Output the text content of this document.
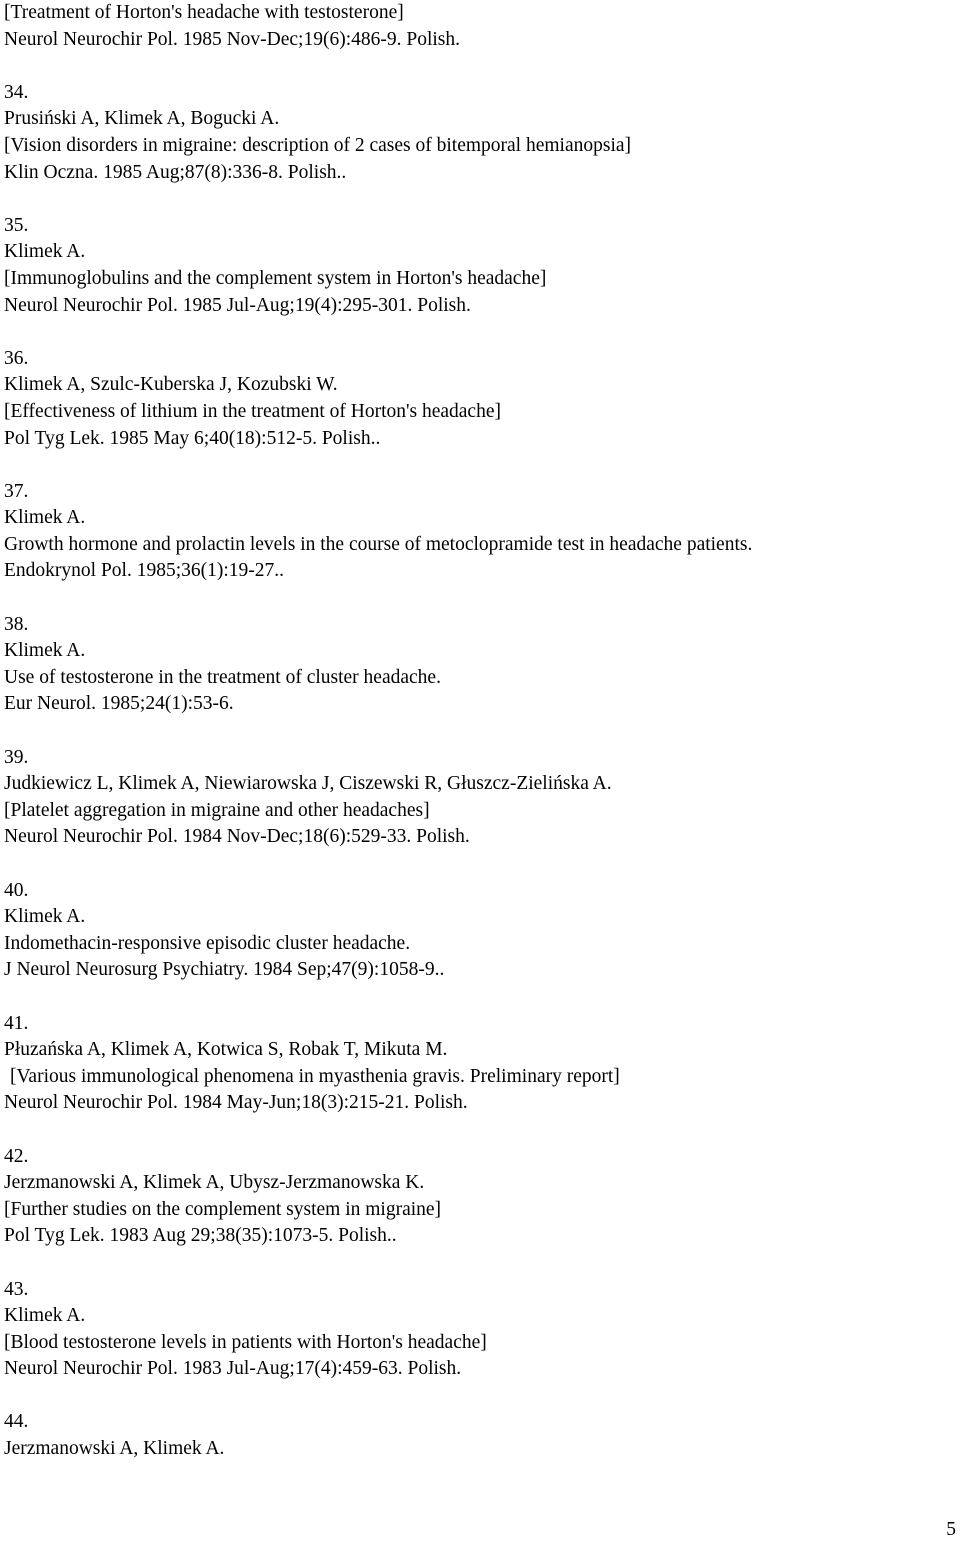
[Treatment of Horton's headache with testosterone]
Neurol Neurochir Pol. 1985 Nov-Dec;19(6):486-9. Polish.
34.
Prusiński A, Klimek A, Bogucki A.
[Vision disorders in migraine: description of 2 cases of bitemporal hemianopsia]
Klin Oczna. 1985 Aug;87(8):336-8. Polish..
35.
Klimek A.
[Immunoglobulins and the complement system in Horton's headache]
Neurol Neurochir Pol. 1985 Jul-Aug;19(4):295-301. Polish.
36.
Klimek A, Szulc-Kuberska J, Kozubski W.
[Effectiveness of lithium in the treatment of Horton's headache]
Pol Tyg Lek. 1985 May 6;40(18):512-5. Polish..
37.
Klimek A.
Growth hormone and prolactin levels in the course of metoclopramide test in headache patients.
Endokrynol Pol. 1985;36(1):19-27..
38.
Klimek A.
Use of testosterone in the treatment of cluster headache.
Eur Neurol. 1985;24(1):53-6.
39.
Judkiewicz L, Klimek A, Niewiarowska J, Ciszewski R, Głuszcz-Zielińska A.
[Platelet aggregation in migraine and other headaches]
Neurol Neurochir Pol. 1984 Nov-Dec;18(6):529-33. Polish.
40.
Klimek A.
Indomethacin-responsive episodic cluster headache.
J Neurol Neurosurg Psychiatry. 1984 Sep;47(9):1058-9..
41.
Płuzańska A, Klimek A, Kotwica S, Robak T, Mikuta M.
[Various immunological phenomena in myasthenia gravis. Preliminary report]
Neurol Neurochir Pol. 1984 May-Jun;18(3):215-21. Polish.
42.
Jerzmanowski A, Klimek A, Ubysz-Jerzmanowska K.
[Further studies on the complement system in migraine]
Pol Tyg Lek. 1983 Aug 29;38(35):1073-5. Polish..
43.
Klimek A.
[Blood testosterone levels in patients with Horton's headache]
Neurol Neurochir Pol. 1983 Jul-Aug;17(4):459-63. Polish.
44.
Jerzmanowski A, Klimek A.
5
